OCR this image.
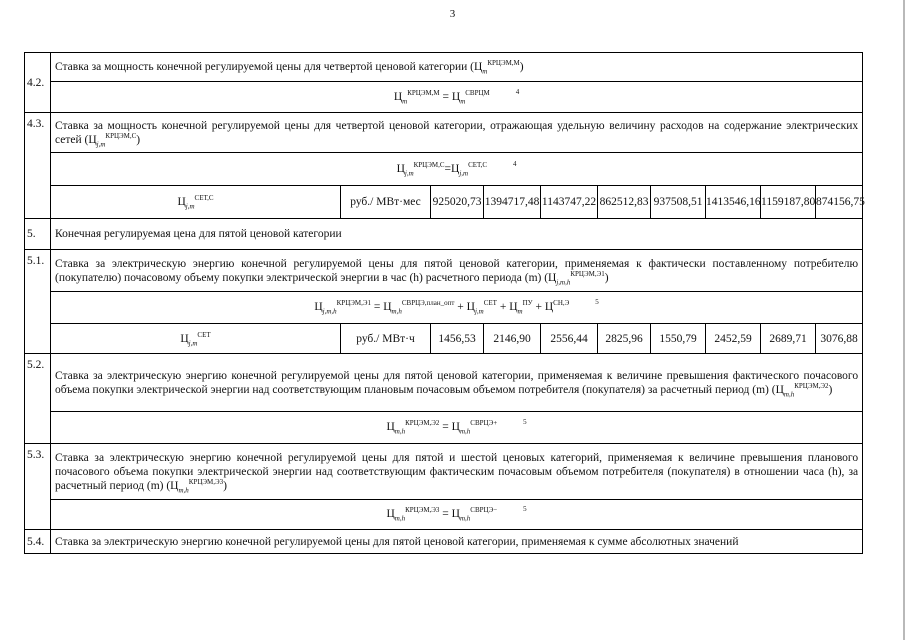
3
4.2.	Ставка за мощность конечной регулируемой цены для четвертой ценовой категории $(Ц_m^{КРЦЭМ,М})$									
	$Ц_m^{КРЦЭМ,М} = Ц_m^{СВРЦМ}$ $^4$
4.3.	Ставка за мощность конечной регулируемой цены для четвертой ценовой категории, отражающая удельную величину расходов на содержание электрических сетей $(Ц_{j,m}^{КРЦЭМ,С})$									
	$Ц_{j,m}^{КРЦЭМ,С}=Ц_{j,m}^{СЕТ,С}$ $^4$
	$Ц_{j,m}^{СЕТ,С}$	руб./ МВт·мес	925020,73	1394717,48	1143747,22	862512,83	937508,51	1413546,16	1159187,80	874156,75
5.	Конечная регулируемая цена для пятой ценовой категории									
5.1.	Ставка за электрическую энергию конечной регулируемой цены для пятой ценовой категории, применяемая к фактически поставленному потребителю (покупателю) почасовому объему покупки электрической энергии в час (h) расчетного периода (m) $(Ц_{j,m,h}^{КРЦЭМ,Э1})$									
	$Ц_{j,m,h}^{КРЦЭМ,Э1} = Ц_{m,h}^{СВРЦЭ,план\_опт} + Ц_{j,m}^{СЕТ} + Ц_m^{ПУ} + Ц^{СН,Э}$ $^5$
	$Ц_{j,m}^{СЕТ}$	руб./ МВт·ч	1456,53	2146,90	2556,44	2825,96	1550,79	2452,59	2689,71	3076,88
5.2.	Ставка за электрическую энергию конечной регулируемой цены для пятой ценовой категории, применяемая к величине превышения фактического почасового объема покупки электрической энергии над соответствующим плановым почасовым объемом потребителя (покупателя) за расчетный период (m) $(Ц_{m,h}^{КРЦЭМ,Э2})$									
	$Ц_{m,h}^{КРЦЭМ,Э2} = Ц_{m,h}^{СВРЦЭ+}$ $^5$
5.3.	Ставка за электрическую энергию конечной регулируемой цены для пятой и шестой ценовых категорий, применяемая к величине превышения планового почасового объема покупки электрической энергии над соответствующим фактическим почасовым объемом потребителя (покупателя) в отношении часа (h), за расчетный период (m) $(Ц_{m,h}^{КРЦЭМ,Э3})$									
	$Ц_{m,h}^{КРЦЭМ,Э3} = Ц_{m,h}^{СВРЦЭ-}$ $^5$
5.4.	Ставка за электрическую энергию конечной регулируемой цены для пятой ценовой категории, применяемая к сумме абсолютных значений									
